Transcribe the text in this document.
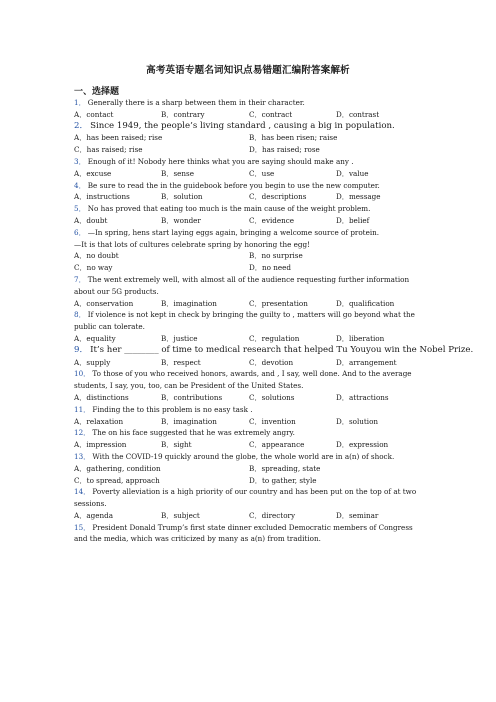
高考英语专题名词知识点易错题汇编附答案解析
一、选择题
1． Generally there is a sharp between them in their character.
A．contact	B．contrary	C．contract	D．contrast
2． Since 1949, the people’s living standard , causing a big in population.
A．has been raised; rise	B．has been risen; raise
C．has raised; rise	D．has raised; rose
3． Enough of it! Nobody here thinks what you are saying should make any .
A．excuse	B．sense	C．use	D．value
4． Be sure to read the in the guidebook before you begin to use the new computer.
A．instructions	B．solution	C．descriptions	D．message
5． No has proved that eating too much is the main cause of the weight problem.
A．doubt	B．wonder	C．evidence	D．belief
6． —In spring, hens start laying eggs again, bringing a welcome source of protein.
—It is that lots of cultures celebrate spring by honoring the egg!
A．no doubt	B．no surprise
C．no way	D．no need
7． The went extremely well, with almost all of the audience requesting further information about our 5G products.
A．conservation	B．imagination	C．presentation	D．qualification
8． If violence is not kept in check by bringing the guilty to , matters will go beyond what the public can tolerate.
A．equality	B．justice	C．regulation	D．liberation
9． It’s her ________ of time to medical research that helped Tu Youyou win the Nobel Prize.
A．supply	B．respect	C．devotion	D．arrangement
10． To those of you who received honors, awards, and , I say, well done. And to the average students, I say, you, too, can be President of the United States.
A．distinctions	B．contributions	C．solutions	D．attractions
11． Finding the to this problem is no easy task .
A．relaxation	B．imagination	C．invention	D．solution
12． The on his face suggested that he was extremely angry.
A．impression	B．sight	C．appearance	D．expression
13． With the COVID-19 quickly around the globe, the whole world are in a(n) of shock.
A．gathering, condition	B．spreading, state
C．to spread, approach	D．to gather, style
14． Poverty alleviation is a high priority of our country and has been put on the top of at two sessions.
A．agenda	B．subject	C．directory	D．seminar
15． President Donald Trump’s first state dinner excluded Democratic members of Congress and the media, which was criticized by many as a(n) from tradition.
